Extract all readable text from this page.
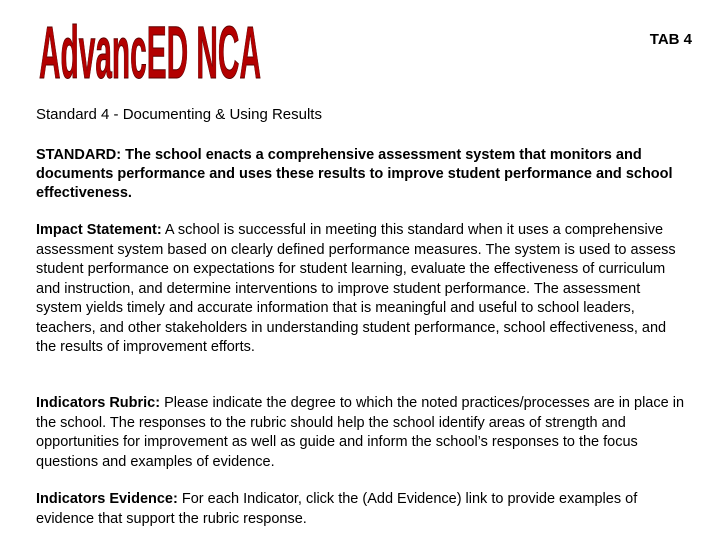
AdvancED NCA	TAB 4
Standard 4 - Documenting & Using Results

STANDARD: The school enacts a comprehensive assessment system that monitors and documents performance and uses these results to improve student performance and school effectiveness.

Impact Statement: A school is successful in meeting this standard when it uses a comprehensive assessment system based on clearly defined performance measures. The system is used to assess student performance on expectations for student learning, evaluate the effectiveness of curriculum and instruction, and determine interventions to improve student performance. The assessment system yields timely and accurate information that is meaningful and useful to school leaders, teachers, and other stakeholders in understanding student performance, school effectiveness, and the results of improvement efforts.

Indicators Rubric: Please indicate the degree to which the noted practices/processes are in place in the school. The responses to the rubric should help the school identify areas of strength and opportunities for improvement as well as guide and inform the school’s responses to the focus questions and examples of evidence.

Indicators Evidence: For each Indicator, click the (Add Evidence) link to provide examples of evidence that support the rubric response.
